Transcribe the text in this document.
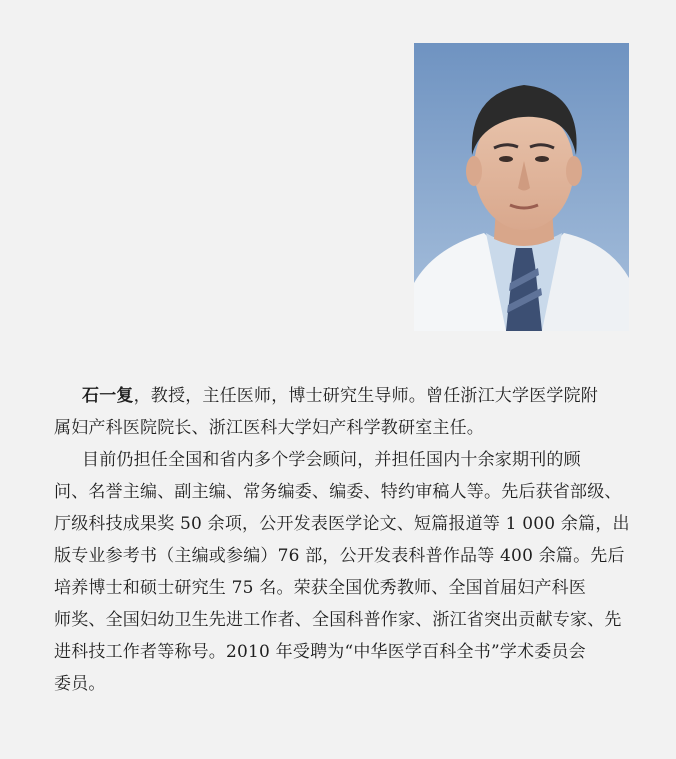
石一复，教授，主任医师，博士研究生导师。曾任浙江大学医学院附
属妇产科医院院长、浙江医科大学妇产科学教研室主任。

目前仍担任全国和省内多个学会顾问，并担任国内十余家期刊的顾
问、名誉主编、副主编、常务编委、编委、特约审稿人等。先后获省部级、
厅级科技成果奖 50 余项，公开发表医学论文、短篇报道等 1 000 余篇，出
版专业参考书（主编或参编）76 部，公开发表科普作品等 400 余篇。先后
培养博士和硕士研究生 75 名。荣获全国优秀教师、全国首届妇产科医
师奖、全国妇幼卫生先进工作者、全国科普作家、浙江省突出贡献专家、先
进科技工作者等称号。2010 年受聘为“中华医学百科全书”学术委员会
委员。
